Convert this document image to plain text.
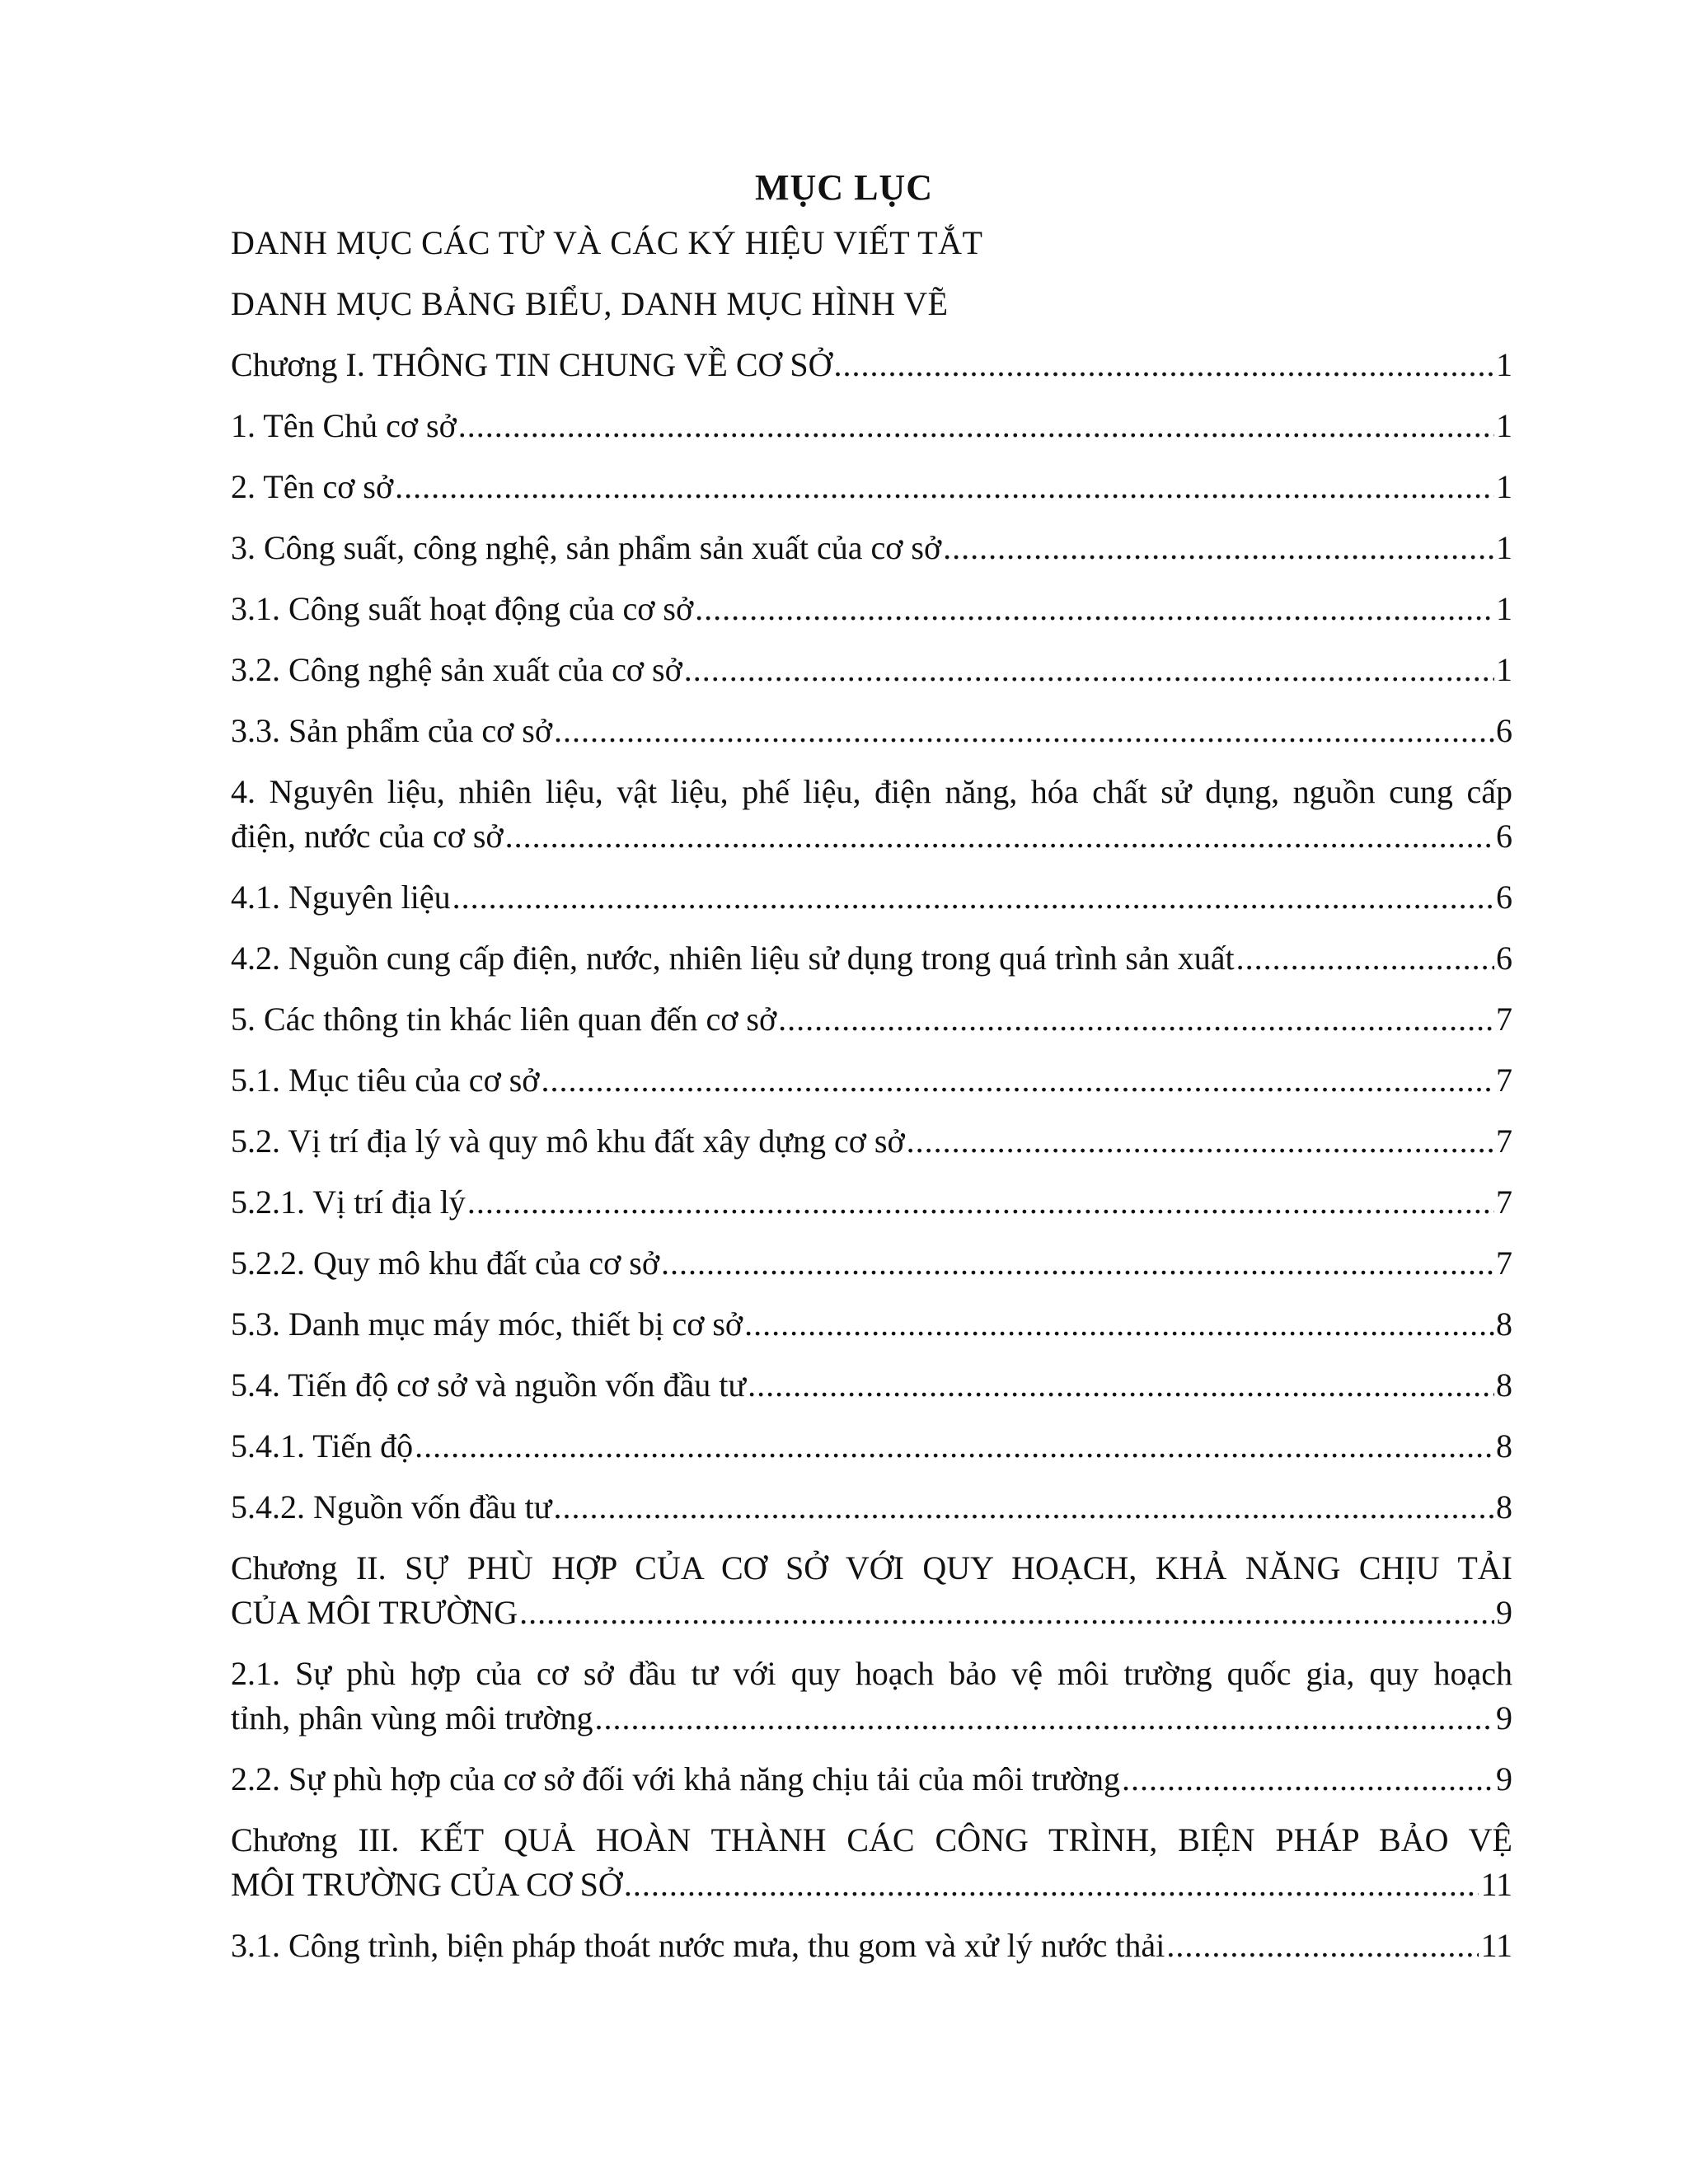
MỤC LỤC
DANH MỤC CÁC TỪ VÀ CÁC KÝ HIỆU VIẾT TẮT
DANH MỤC BẢNG BIỂU, DANH MỤC HÌNH VẼ
Chương I. THÔNG TIN CHUNG VỀ CƠ SỞ .....	1
1. Tên Chủ cơ sở .....	1
2. Tên cơ sở .....	1
3. Công suất, công nghệ, sản phẩm sản xuất của cơ sở .....	1
3.1. Công suất hoạt động của cơ sở .....	1
3.2. Công nghệ sản xuất của cơ sở .....	1
3.3. Sản phẩm của cơ sở .....	6
4. Nguyên liệu, nhiên liệu, vật liệu, phế liệu, điện năng, hóa chất sử dụng, nguồn cung cấp
điện, nước của cơ sở .....	6
4.1. Nguyên liệu .....	6
4.2. Nguồn cung cấp điện, nước, nhiên liệu sử dụng trong quá trình sản xuất .....	6
5. Các thông tin khác liên quan đến cơ sở .....	7
5.1. Mục tiêu của cơ sở .....	7
5.2. Vị trí địa lý và quy mô khu đất xây dựng cơ sở .....	7
5.2.1. Vị trí địa lý .....	7
5.2.2. Quy mô khu đất của cơ sở .....	7
5.3. Danh mục máy móc, thiết bị cơ sở .....	8
5.4. Tiến độ cơ sở và nguồn vốn đầu tư .....	8
5.4.1. Tiến độ .....	8
5.4.2. Nguồn vốn đầu tư .....	8
Chương II. SỰ PHÙ HỢP CỦA CƠ SỞ VỚI QUY HOẠCH, KHẢ NĂNG CHỊU TẢI
CỦA MÔI TRƯỜNG .....	9
2.1. Sự phù hợp của cơ sở đầu tư với quy hoạch bảo vệ môi trường quốc gia, quy hoạch
tỉnh, phân vùng môi trường .....	9
2.2. Sự phù hợp của cơ sở đối với khả năng chịu tải của môi trường .....	9
Chương III. KẾT QUẢ HOÀN THÀNH CÁC CÔNG TRÌNH, BIỆN PHÁP BẢO VỆ
MÔI TRƯỜNG CỦA CƠ SỞ .....	11
3.1. Công trình, biện pháp thoát nước mưa, thu gom và xử lý nước thải .....	11
